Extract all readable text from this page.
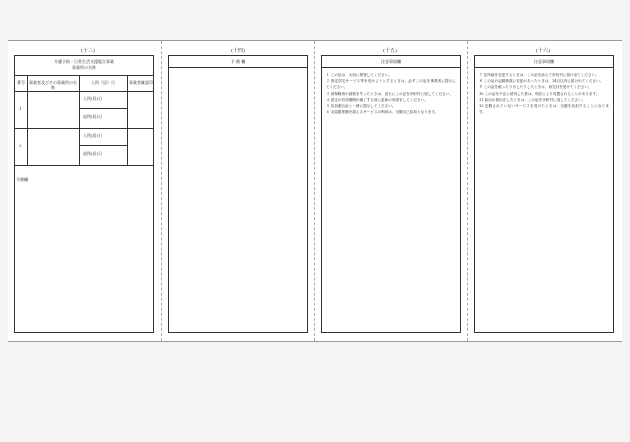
(十三)
介護予防・日常生活支援総合事業
事業所の名称
番号	事業者及びその事業所の名称
入所（居）日	事業者確認印
1
入所(居)日
退所(居)日
2
入所(居)日
退所(居)日
予備欄
(十四)
予 備 欄
(十五)
注意事項欄

１ この証は、大切に保管してください。

２ 指定居宅サービス等を受けようとするときは、必ずこの証を事業者に提示してください。

３ 被保険者の資格を失ったときは、直ちにこの証を市町村に返してください。

４ 認定の有効期間が満了する前に更新の申請をしてください。

５ 負担割合証と一緒に提示してください。

６ 支給限度額を超えるサービスの利用は、全額自己負担となります。

(十六)
注意事項欄

７ 住所地を変更するときは、この証を添えて市町村に届け出てください。

８ この証の記載事項に変更があったときは、14日以内に届け出てください。

９ この証を破ったり汚したりしたときは、再交付を受けてください。

10 この証を不正に使用した者は、刑法により処罰されることがあります。

11 転出の届出をしたときは、この証を市町村に返してください。

12 記載されていないサービスを受けたときは、全額を負担することになります。
